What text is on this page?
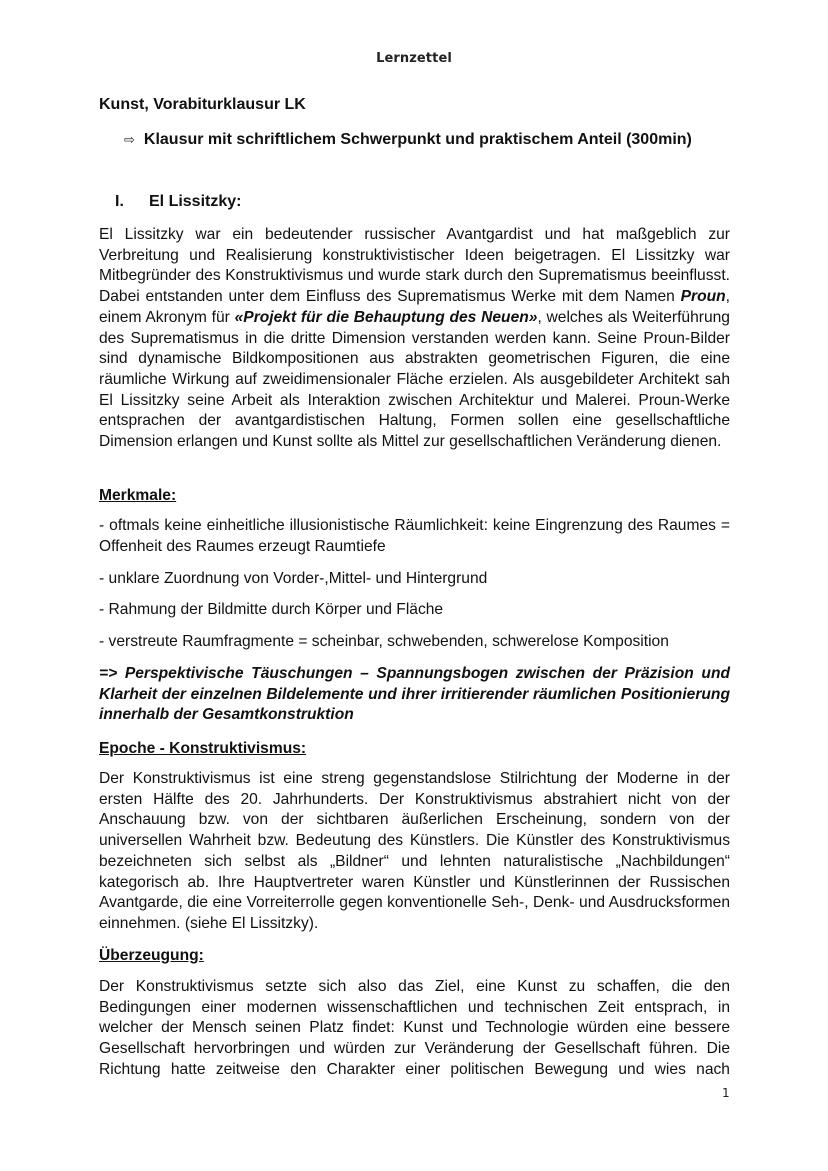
Lernzettel
Kunst, Vorabiturklausur LK
⇨ Klausur mit schriftlichem Schwerpunkt und praktischem Anteil (300min)
I.	El Lissitzky:

El Lissitzky war ein bedeutender russischer Avantgardist und hat maßgeblich zur Verbreitung und Realisierung konstruktivistischer Ideen beigetragen. El Lissitzky war Mitbegründer des Konstruktivismus und wurde stark durch den Suprematismus beeinflusst. Dabei entstanden unter dem Einfluss des Suprematismus Werke mit dem Namen Proun, einem Akronym für «Projekt für die Behauptung des Neuen», welches als Weiterführung des Suprematismus in die dritte Dimension verstanden werden kann. Seine Proun-Bilder sind dynamische Bildkompositionen aus abstrakten geometrischen Figuren, die eine räumliche Wirkung auf zweidimensionaler Fläche erzielen. Als ausgebildeter Architekt sah El Lissitzky seine Arbeit als Interaktion zwischen Architektur und Malerei. Proun-Werke entsprachen der avantgardistischen Haltung, Formen sollen eine gesellschaftliche Dimension erlangen und Kunst sollte als Mittel zur gesellschaftlichen Veränderung dienen.

Merkmale:

- oftmals keine einheitliche illusionistische Räumlichkeit: keine Eingrenzung des Raumes = Offenheit des Raumes erzeugt Raumtiefe

- unklare Zuordnung von Vorder-,Mittel- und Hintergrund

- Rahmung der Bildmitte durch Körper und Fläche

- verstreute Raumfragmente = scheinbar, schwebenden, schwerelose Komposition

=> Perspektivische Täuschungen – Spannungsbogen zwischen der Präzision und Klarheit der einzelnen Bildelemente und ihrer irritierender räumlichen Positionierung innerhalb der Gesamtkonstruktion

Epoche - Konstruktivismus:

Der Konstruktivismus ist eine streng gegenstandslose Stilrichtung der Moderne in der ersten Hälfte des 20. Jahrhunderts. Der Konstruktivismus abstrahiert nicht von der Anschauung bzw. von der sichtbaren äußerlichen Erscheinung, sondern von der universellen Wahrheit bzw. Bedeutung des Künstlers. Die Künstler des Konstruktivismus bezeichneten sich selbst als „Bildner“ und lehnten naturalistische „Nachbildungen“ kategorisch ab. Ihre Hauptvertreter waren Künstler und Künstlerinnen der Russischen Avantgarde, die eine Vorreiterrolle gegen konventionelle Seh-, Denk- und Ausdrucksformen einnehmen. (siehe El Lissitzky).

Überzeugung:

Der Konstruktivismus setzte sich also das Ziel, eine Kunst zu schaffen, die den Bedingungen einer modernen wissenschaftlichen und technischen Zeit entsprach, in welcher der Mensch seinen Platz findet: Kunst und Technologie würden eine bessere Gesellschaft hervorbringen und würden zur Veränderung der Gesellschaft führen. Die Richtung hatte zeitweise den Charakter einer politischen Bewegung und wies nach

1
